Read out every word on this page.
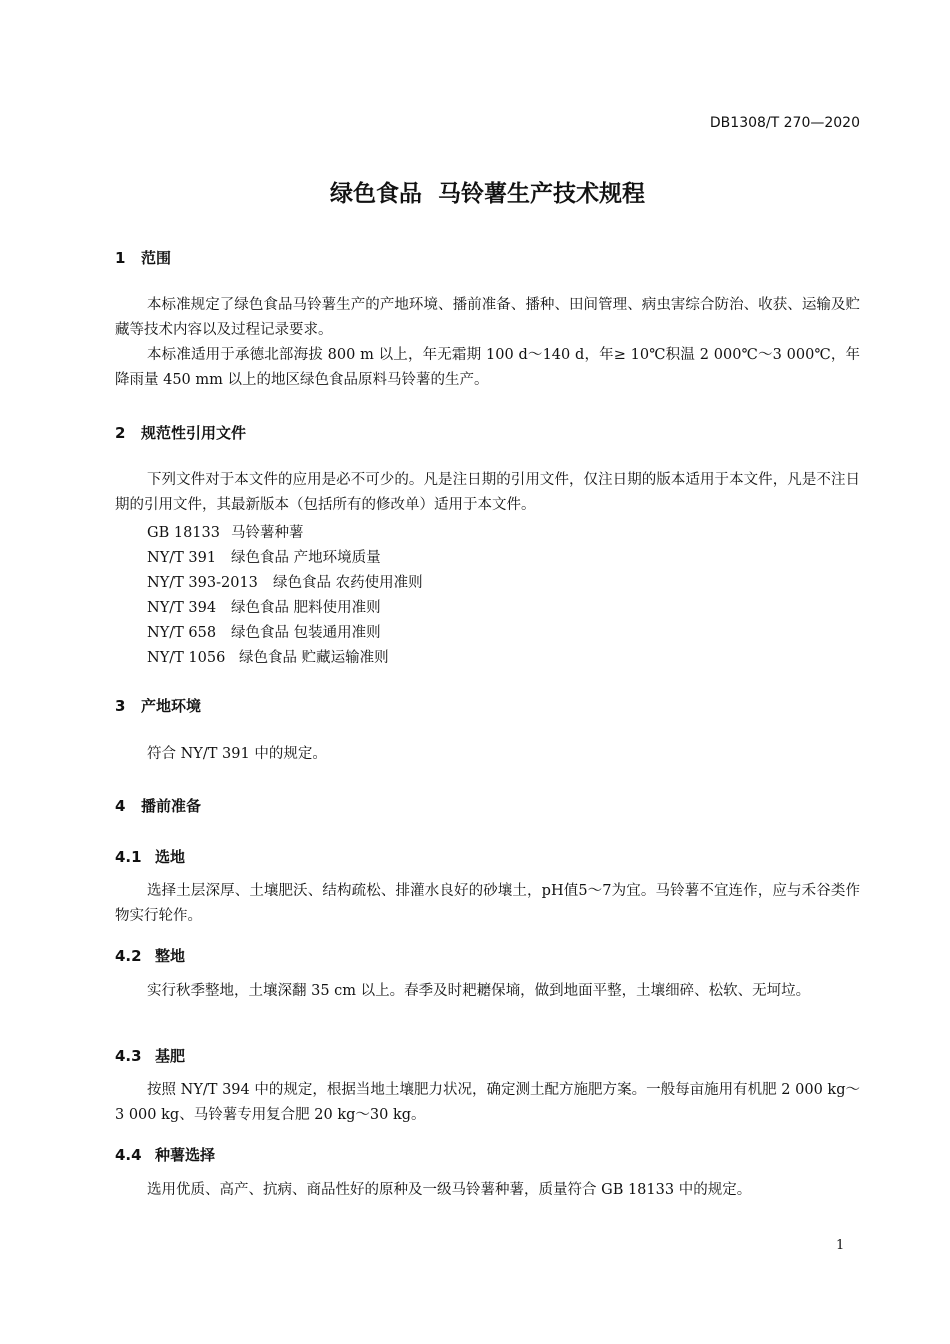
DB1308/T 270—2020
绿色食品  马铃薯生产技术规程
1 范围

本标准规定了绿色食品马铃薯生产的产地环境、播前准备、播种、田间管理、病虫害综合防治、收获、运输及贮藏等技术内容以及过程记录要求。

本标准适用于承德北部海拔 800 m 以上，年无霜期 100 d～140 d，年≥ 10℃积温 2 000℃～3 000℃，年降雨量 450 mm 以上的地区绿色食品原料马铃薯的生产。

2 规范性引用文件

下列文件对于本文件的应用是必不可少的。凡是注日期的引用文件，仅注日期的版本适用于本文件，凡是不注日期的引用文件，其最新版本（包括所有的修改单）适用于本文件。

GB 18133 马铃薯种薯
NY/T 391 绿色食品 产地环境质量
NY/T 393-2013 绿色食品 农药使用准则
NY/T 394 绿色食品 肥料使用准则
NY/T 658 绿色食品 包装通用准则
NY/T 1056 绿色食品 贮藏运输准则
3 产地环境

符合 NY/T 391 中的规定。

4 播前准备
4.1 选地

选择土层深厚、土壤肥沃、结构疏松、排灌水良好的砂壤土，pH值5～7为宜。马铃薯不宜连作，应与禾谷类作物实行轮作。

4.2 整地

实行秋季整地，土壤深翻 35 cm 以上。春季及时耙耱保墒，做到地面平整，土壤细碎、松软、无坷垃。

4.3 基肥

按照 NY/T 394 中的规定，根据当地土壤肥力状况，确定测土配方施肥方案。一般每亩施用有机肥 2 000 kg～3 000 kg、马铃薯专用复合肥 20 kg～30 kg。

4.4 种薯选择

选用优质、高产、抗病、商品性好的原种及一级马铃薯种薯，质量符合 GB 18133 中的规定。

1
